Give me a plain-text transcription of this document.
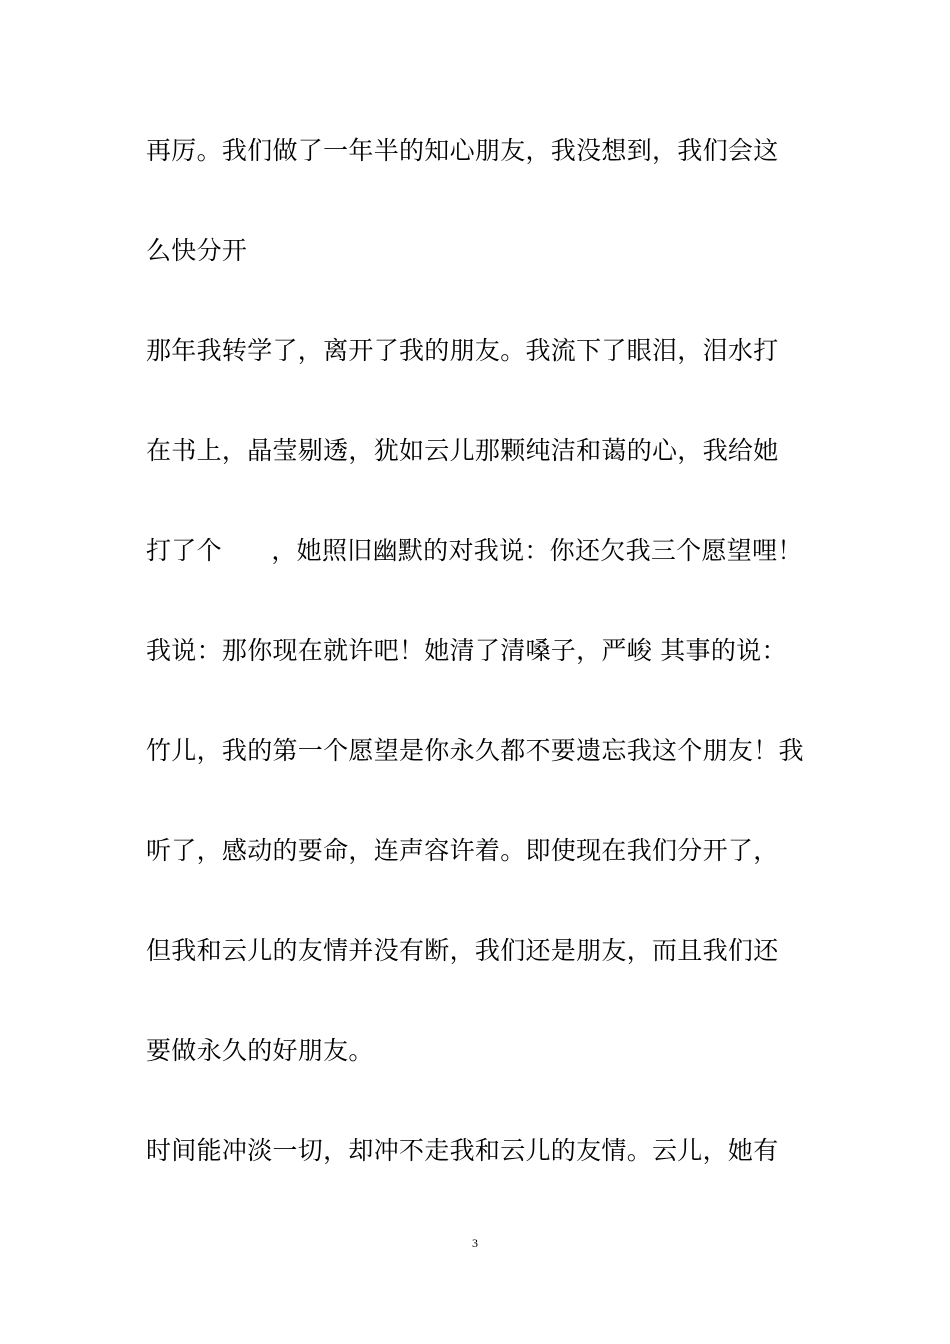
再厉。我们做了一年半的知心朋友，我没想到，我们会这
么快分开
那年我转学了，离开了我的朋友。我流下了眼泪，泪水打
在书上，晶莹剔透，犹如云儿那颗纯洁和蔼的心，我给她
打了个      ，她照旧幽默的对我说：你还欠我三个愿望哩！
我说：那你现在就许吧！她清了清嗓子，严峻 其事的说：
竹儿，我的第一个愿望是你永久都不要遗忘我这个朋友！我
听了，感动的要命，连声容许着。即使现在我们分开了，
但我和云儿的友情并没有断，我们还是朋友，而且我们还
要做永久的好朋友。
时间能冲淡一切，却冲不走我和云儿的友情。云儿，她有
3
